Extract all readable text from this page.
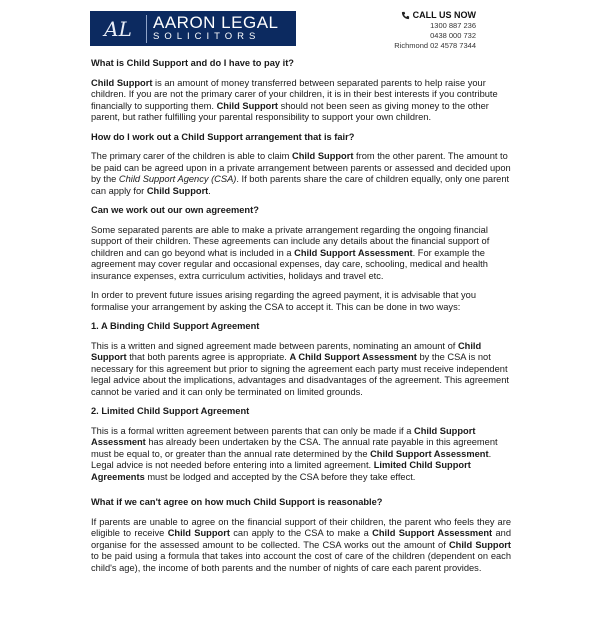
AL	AARON LEGAL
SOLICITORS
CALL US NOW
1300 887 236
0438 000 732
Richmond 02 4578 7344
What is Child Support and do I have to pay it?

Child Support is an amount of money transferred between separated parents to help raise your children. If you are not the primary carer of your children, it is in their best interests if you contribute financially to supporting them. Child Support should not been seen as giving money to the other parent, but rather fulfilling your parental responsibility to support your own children.

How do I work out a Child Support arrangement that is fair?

The primary carer of the children is able to claim Child Support from the other parent. The amount to be paid can be agreed upon in a private arrangement between parents or assessed and decided upon by the Child Support Agency (CSA). If both parents share the care of children equally, only one parent can apply for Child Support.

Can we work out our own agreement?

Some separated parents are able to make a private arrangement regarding the ongoing financial support of their children. These agreements can include any details about the financial support of children and can go beyond what is included in a Child Support Assessment. For example the agreement may cover regular and occasional expenses, day care, schooling, medical and health insurance expenses, extra curriculum activities, holidays and travel etc.

In order to prevent future issues arising regarding the agreed payment, it is advisable that you formalise your arrangement by asking the CSA to accept it. This can be done in two ways:

1. A Binding Child Support Agreement

This is a written and signed agreement made between parents, nominating an amount of Child Support that both parents agree is appropriate. A Child Support Assessment by the CSA is not necessary for this agreement but prior to signing the agreement each party must receive independent legal advice about the implications, advantages and disadvantages of the agreement. This agreement cannot be varied and it can only be terminated on limited grounds.

2. Limited Child Support Agreement

This is a formal written agreement between parents that can only be made if a Child Support Assessment has already been undertaken by the CSA. The annual rate payable in this agreement must be equal to, or greater than the annual rate determined by the Child Support Assessment. Legal advice is not needed before entering into a limited agreement. Limited Child Support Agreements must be lodged and accepted by the CSA before they take effect.

What if we can't agree on how much Child Support is reasonable?

If parents are unable to agree on the financial support of their children, the parent who feels they are eligible to receive Child Support can apply to the CSA to make a Child Support Assessment and organise for the assessed amount to be collected. The CSA works out the amount of Child Support to be paid using a formula that takes into account the cost of care of the children (dependent on each child's age), the income of both parents and the number of nights of care each parent provides.
